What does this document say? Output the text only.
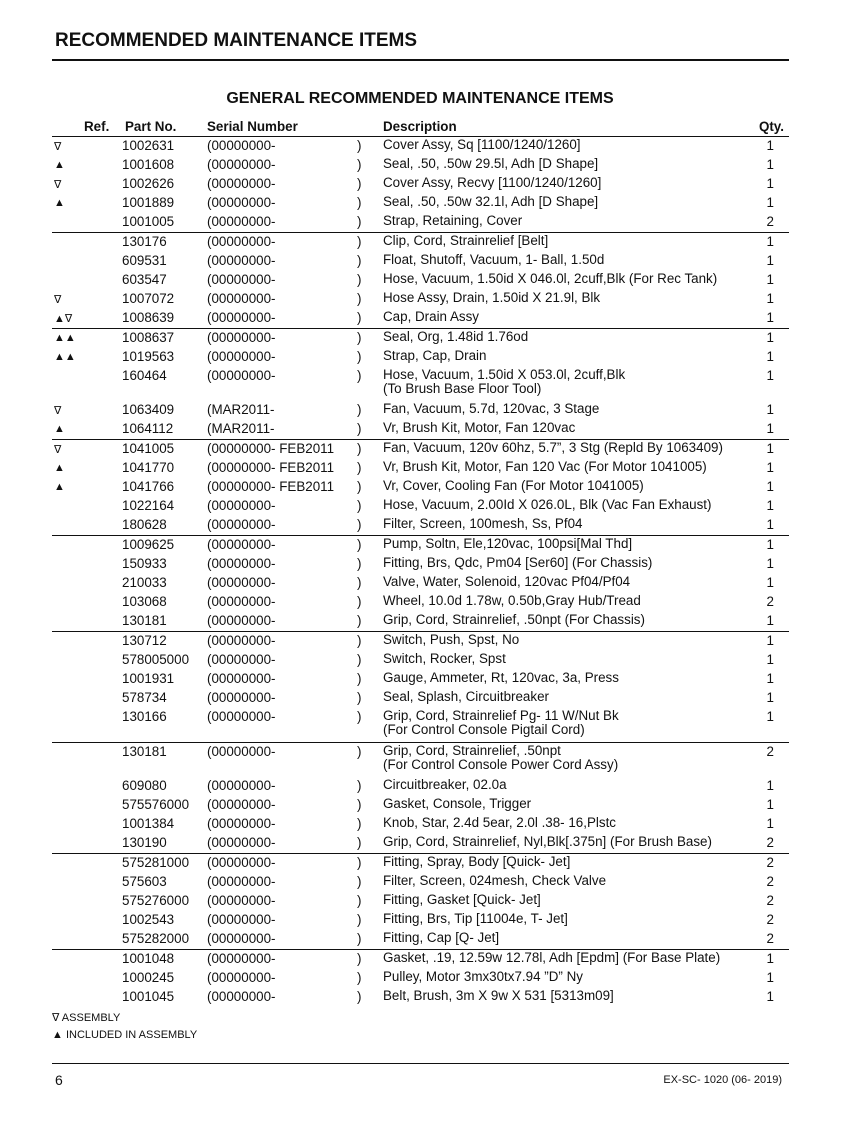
RECOMMENDED MAINTENANCE ITEMS
GENERAL RECOMMENDED MAINTENANCE ITEMS
Ref. Part No. Serial Number	Description	Qty.
∇	1002631 (00000000-	) Cover Assy, Sq [1100/1240/1260]	1
▲	1001608 (00000000-	) Seal, .50, .50w 29.5l, Adh [D Shape]	1
∇	1002626 (00000000-	) Cover Assy, Recvy [1100/1240/1260]	1
▲	1001889 (00000000-	) Seal, .50, .50w 32.1l, Adh [D Shape]	1
1001005 (00000000-	) Strap, Retaining, Cover	2
130176	(00000000-	) Clip, Cord, Strainrelief [Belt]	1
609531	(00000000-	) Float, Shutoff, Vacuum, 1- Ball, 1.50d	1
603547	(00000000-	) Hose, Vacuum, 1.50id X 046.0l, 2cuff,Blk (For Rec Tank)	1
∇	1007072 (00000000-	) Hose Assy, Drain, 1.50id X 21.9l, Blk	1
▲∇	1008639 (00000000-	) Cap, Drain Assy	1
▲▲	1008637 (00000000-	) Seal, Org, 1.48id 1.76od	1
▲▲	1019563 (00000000-	) Strap, Cap, Drain	1
160464	(00000000-	) Hose, Vacuum, 1.50id X 053.0l, 2cuff,Blk	1
(To Brush Base Floor Tool)
∇	1063409 (MAR2011-	) Fan, Vacuum, 5.7d, 120vac, 3 Stage	1
▲	1064112	(MAR2011-	) Vr, Brush Kit, Motor, Fan 120vac	1
∇	1041005 (00000000- FEB2011 ) Fan, Vacuum, 120v 60hz, 5.7”, 3 Stg (Repld By 1063409)	1
▲	1041770 (00000000- FEB2011 ) Vr, Brush Kit, Motor, Fan 120 Vac (For Motor 1041005)	1
▲	1041766 (00000000- FEB2011 ) Vr, Cover, Cooling Fan (For Motor 1041005)	1
1022164 (00000000-	) Hose, Vacuum, 2.00Id X 026.0L, Blk (Vac Fan Exhaust)	1
180628	(00000000-	) Filter, Screen, 100mesh, Ss, Pf04	1
1009625 (00000000-	) Pump, Soltn, Ele,120vac, 100psi[Mal Thd]	1
150933	(00000000-	) Fitting, Brs, Qdc, Pm04 [Ser60] (For Chassis)	1
210033	(00000000-	) Valve, Water, Solenoid, 120vac Pf04/Pf04	1
103068	(00000000-	) Wheel, 10.0d 1.78w, 0.50b,Gray Hub/Tread	2
130181	(00000000-	) Grip, Cord, Strainrelief, .50npt (For Chassis)	1
130712	(00000000-	) Switch, Push, Spst, No	1
578005000 (00000000-	) Switch, Rocker, Spst	1
1001931 (00000000-	) Gauge, Ammeter, Rt, 120vac, 3a, Press	1
578734	(00000000-	) Seal, Splash, Circuitbreaker	1
130166	(00000000-	) Grip, Cord, Strainrelief Pg- 11 W/Nut Bk	1
(For Control Console Pigtail Cord)
130181	(00000000-	) Grip, Cord, Strainrelief, .50npt	2
(For Control Console Power Cord Assy)
609080	(00000000-	) Circuitbreaker, 02.0a	1
575576000 (00000000-	) Gasket, Console, Trigger	1
1001384 (00000000-	) Knob, Star, 2.4d 5ear, 2.0l .38- 16,Plstc	1
130190	(00000000-	) Grip, Cord, Strainrelief, Nyl,Blk[.375n] (For Brush Base)	2
575281000 (00000000-	) Fitting, Spray, Body [Quick- Jet]	2
575603	(00000000-	) Filter, Screen, 024mesh, Check Valve	2
575276000 (00000000-	) Fitting, Gasket [Quick- Jet]	2
1002543 (00000000-	) Fitting, Brs, Tip [11004e, T- Jet]	2
575282000 (00000000-	) Fitting, Cap [Q- Jet]	2
1001048 (00000000-	) Gasket, .19, 12.59w 12.78l, Adh [Epdm] (For Base Plate)	1
1000245 (00000000-	) Pulley, Motor 3mx30tx7.94 ”D” Ny	1
1001045 (00000000-	) Belt, Brush, 3m X 9w X 531 [5313m09]	1
∇ ASSEMBLY
▲ INCLUDED IN ASSEMBLY
6	EX-SC- 1020 (06- 2019)
